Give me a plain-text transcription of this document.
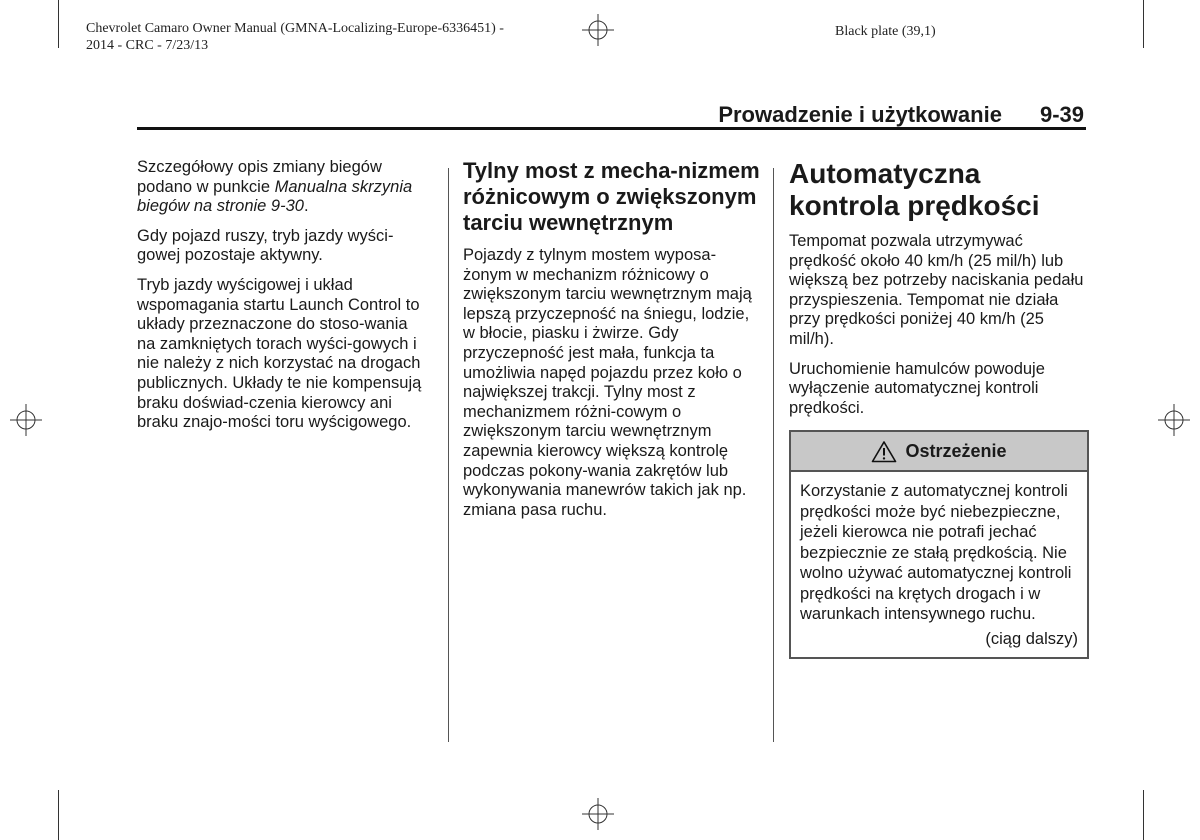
Chevrolet Camaro Owner Manual (GMNA-Localizing-Europe-6336451) -
2014 - CRC - 7/23/13
Black plate (39,1)
Prowadzenie i użytkowanie 9-39

Szczegółowy opis zmiany biegów podano w punkcie Manualna skrzynia biegów na stronie 9-30.

Gdy pojazd ruszy, tryb jazdy wyści-gowej pozostaje aktywny.

Tryb jazdy wyścigowej i układ wspomagania startu Launch Control to układy przeznaczone do stoso-wania na zamkniętych torach wyści-gowych i nie należy z nich korzystać na drogach publicznych. Układy te nie kompensują braku doświad-czenia kierowcy ani braku znajo-mości toru wyścigowego.

Tylny most z mecha-nizmem różnicowym o zwiększonym tarciu wewnętrznym

Pojazdy z tylnym mostem wyposa-żonym w mechanizm różnicowy o zwiększonym tarciu wewnętrznym mają lepszą przyczepność na śniegu, lodzie, w błocie, piasku i żwirze. Gdy przyczepność jest mała, funkcja ta umożliwia napęd pojazdu przez koło o największej trakcji. Tylny most z mechanizmem różni-cowym o zwiększonym tarciu wewnętrznym zapewnia kierowcy większą kontrolę podczas pokony-wania zakrętów lub wykonywania manewrów takich jak np. zmiana pasa ruchu.

Automatyczna kontrola prędkości

Tempomat pozwala utrzymywać prędkość około 40 km/h (25 mil/h) lub większą bez potrzeby naciskania pedału przyspieszenia. Tempomat nie działa przy prędkości poniżej 40 km/h (25 mil/h).

Uruchomienie hamulców powoduje wyłączenie automatycznej kontroli prędkości.

Ostrzeżenie

Korzystanie z automatycznej kontroli prędkości może być niebezpieczne, jeżeli kierowca nie potrafi jechać bezpiecznie ze stałą prędkością. Nie wolno używać automatycznej kontroli prędkości na krętych drogach i w warunkach intensywnego ruchu.

(ciąg dalszy)
